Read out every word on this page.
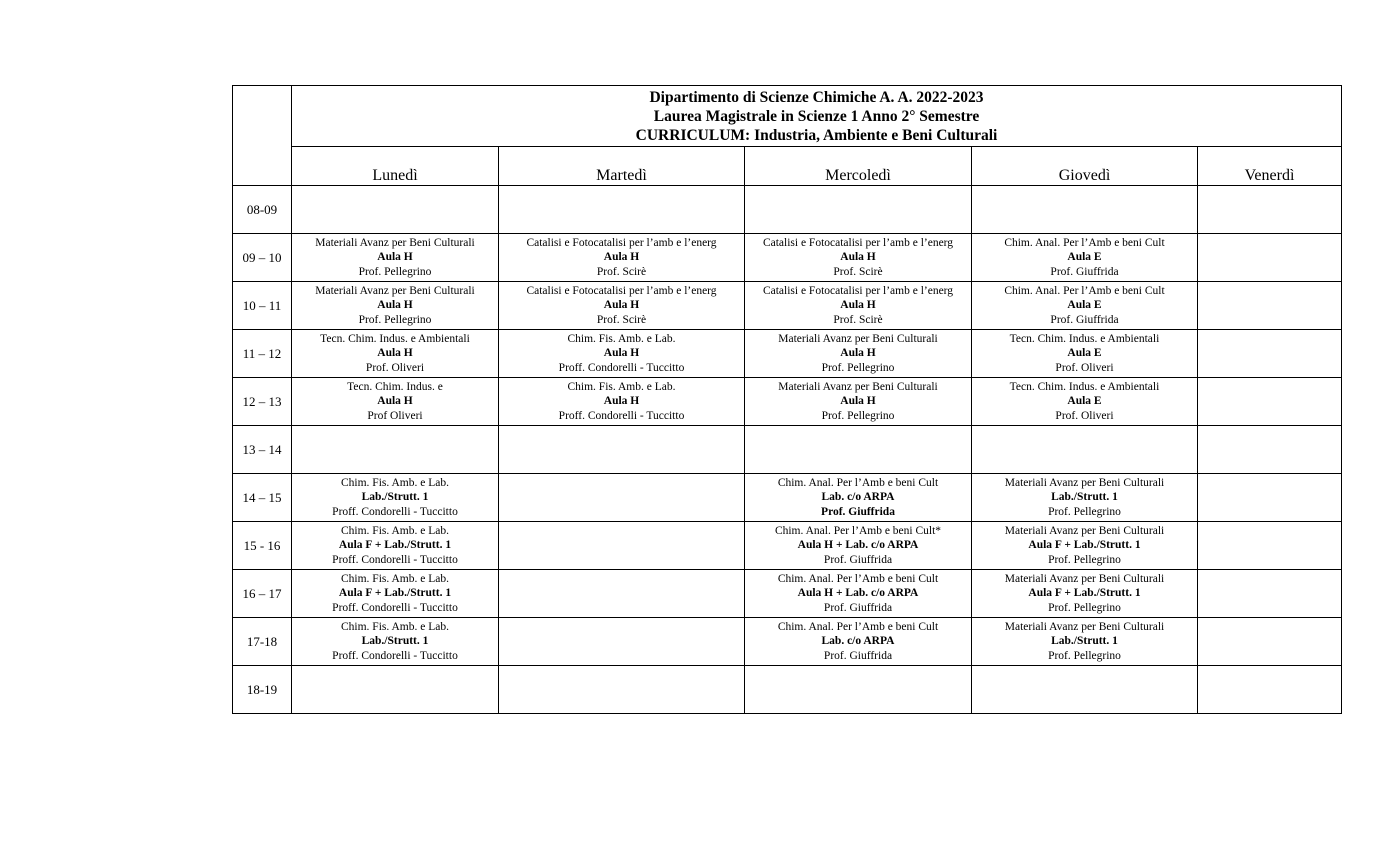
	Dipartimento di Scienze Chimiche A. A. 2022-2023
Laurea Magistrale in Scienze 1 Anno 2° Semestre
CURRICULUM: Industria, Ambiente e Beni Culturali				

	Lunedì	Martedì	Mercoledì	Giovedì	Venerdì
08-09					
09 – 10	Materiali Avanz per Beni Culturali
Aula H
Prof. Pellegrino	Catalisi e Fotocatalisi per l’amb e l’energ
Aula H
Prof. Scirè	Catalisi e Fotocatalisi per l’amb e l’energ
Aula H
Prof. Scirè	Chim. Anal. Per l’Amb e beni Cult
Aula E
Prof. Giuffrida	

10 – 11	Materiali Avanz per Beni Culturali
Aula H
Prof. Pellegrino	Catalisi e Fotocatalisi per l’amb e l’energ
Aula H
Prof. Scirè	Catalisi e Fotocatalisi per l’amb e l’energ
Aula H
Prof. Scirè	Chim. Anal. Per l’Amb e beni Cult
Aula E
Prof. Giuffrida	

11 – 12	Tecn. Chim. Indus. e Ambientali
Aula H
Prof. Oliveri	Chim. Fis. Amb. e Lab.
Aula H
Proff. Condorelli - Tuccitto	Materiali Avanz per Beni Culturali
Aula H
Prof. Pellegrino	Tecn. Chim. Indus. e Ambientali
Aula E
Prof. Oliveri	

12 – 13	Tecn. Chim. Indus. e
Aula H
Prof Oliveri	Chim. Fis. Amb. e Lab.
Aula H
Proff. Condorelli - Tuccitto	Materiali Avanz per Beni Culturali
Aula H
Prof. Pellegrino	Tecn. Chim. Indus. e Ambientali
Aula E
Prof. Oliveri	

13 – 14					
14 – 15	Chim. Fis. Amb. e Lab.
Lab./Strutt. 1
Proff. Condorelli - Tuccitto		Chim. Anal. Per l’Amb e beni Cult
Lab. c/o ARPA
Prof. Giuffrida	Materiali Avanz per Beni Culturali
Lab./Strutt. 1
Prof. Pellegrino	

15 - 16	Chim. Fis. Amb. e Lab.
Aula F + Lab./Strutt. 1
Proff. Condorelli - Tuccitto		Chim. Anal. Per l’Amb e beni Cult*
Aula H + Lab. c/o ARPA
Prof. Giuffrida	Materiali Avanz per Beni Culturali
Aula F + Lab./Strutt. 1
Prof. Pellegrino	

16 – 17	Chim. Fis. Amb. e Lab.
Aula F + Lab./Strutt. 1
Proff. Condorelli - Tuccitto		Chim. Anal. Per l’Amb e beni Cult
Aula H + Lab. c/o ARPA
Prof. Giuffrida	Materiali Avanz per Beni Culturali
Aula F + Lab./Strutt. 1
Prof. Pellegrino	

17-18	Chim. Fis. Amb. e Lab.
Lab./Strutt. 1
Proff. Condorelli - Tuccitto		Chim. Anal. Per l’Amb e beni Cult
Lab. c/o ARPA
Prof. Giuffrida	Materiali Avanz per Beni Culturali
Lab./Strutt. 1
Prof. Pellegrino	

18-19					
